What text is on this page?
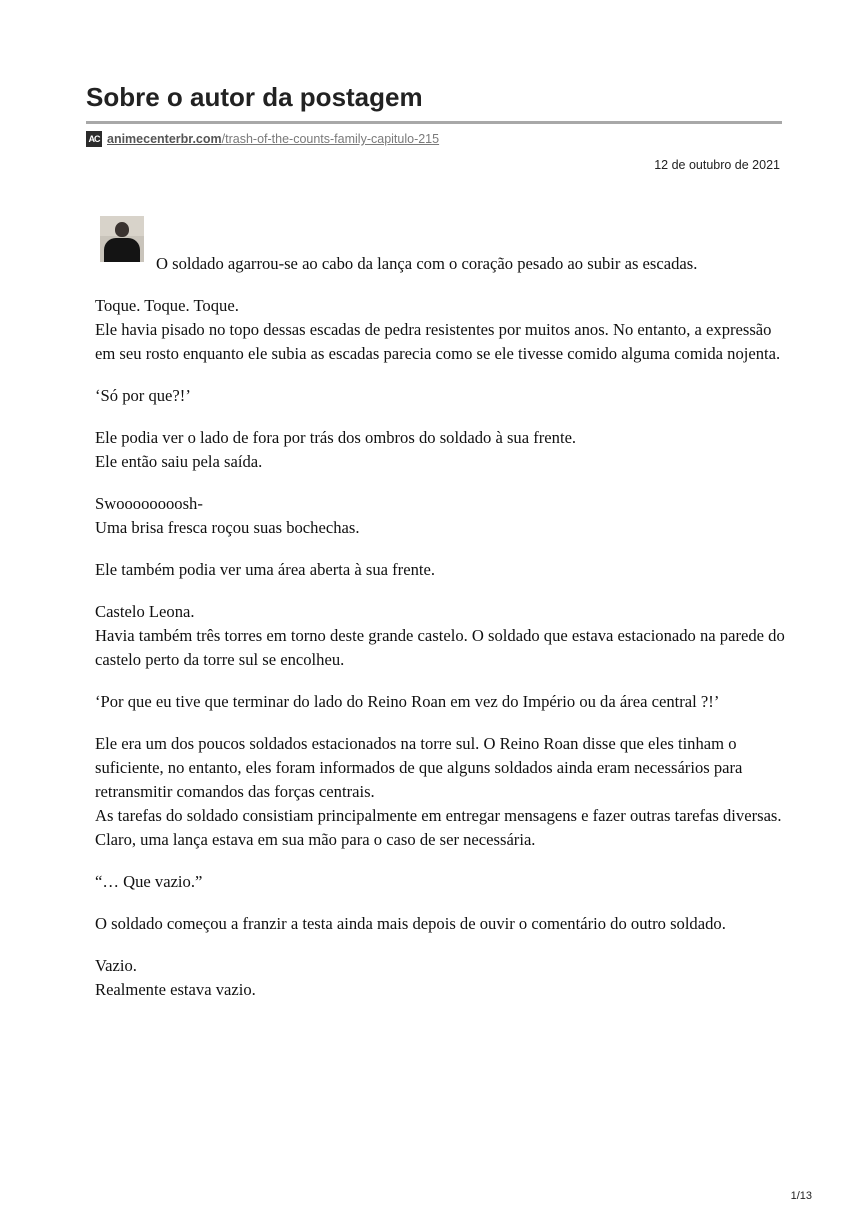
Sobre o autor da postagem
AC animecenterbr.com /trash-of-the-counts-family-capitulo-215
12 de outubro de 2021

O soldado agarrou-se ao cabo da lança com o coração pesado ao subir as escadas.

Toque. Toque. Toque.
Ele havia pisado no topo dessas escadas de pedra resistentes por muitos anos. No entanto, a expressão em seu rosto enquanto ele subia as escadas parecia como se ele tivesse comido alguma comida nojenta.

‘Só por que?!’

Ele podia ver o lado de fora por trás dos ombros do soldado à sua frente.
Ele então saiu pela saída.

Swoooooooosh-
Uma brisa fresca roçou suas bochechas.

Ele também podia ver uma área aberta à sua frente.

Castelo Leona.
Havia também três torres em torno deste grande castelo. O soldado que estava estacionado na parede do castelo perto da torre sul se encolheu.

‘Por que eu tive que terminar do lado do Reino Roan em vez do Império ou da área central ?!’

Ele era um dos poucos soldados estacionados na torre sul. O Reino Roan disse que eles tinham o suficiente, no entanto, eles foram informados de que alguns soldados ainda eram necessários para retransmitir comandos das forças centrais.
As tarefas do soldado consistiam principalmente em entregar mensagens e fazer outras tarefas diversas. Claro, uma lança estava em sua mão para o caso de ser necessária.

“… Que vazio.”

O soldado começou a franzir a testa ainda mais depois de ouvir o comentário do outro soldado.

Vazio.
Realmente estava vazio.

1/13
